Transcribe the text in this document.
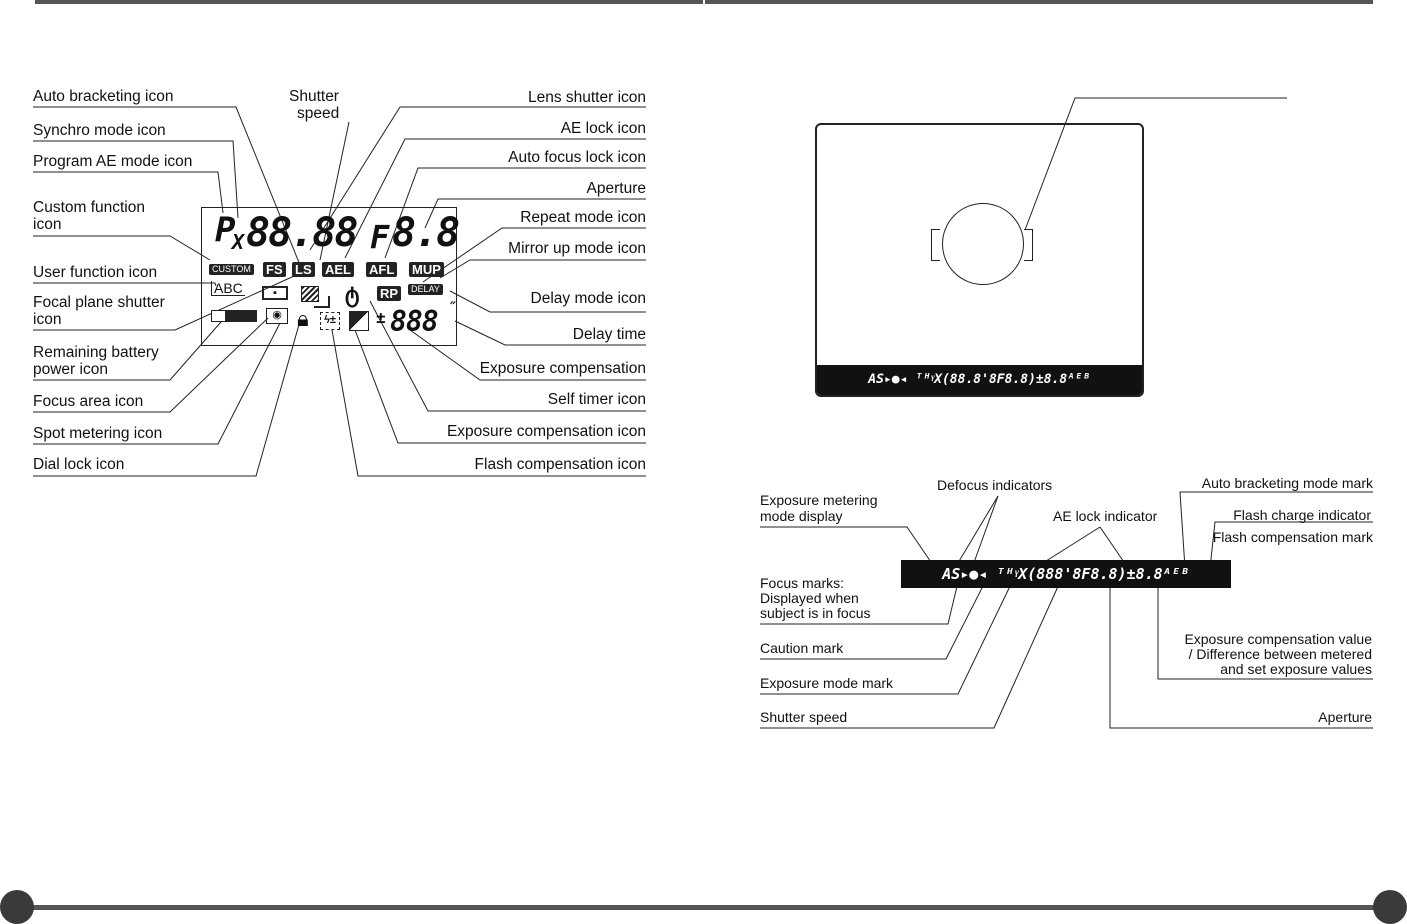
Auto bracketing icon
Synchro mode icon
Program AE mode icon
Custom function
icon
User function icon
Focal plane shutter
icon
Remaining battery
power icon
Focus area icon
Spot metering icon
Dial lock icon
Shutter
speed
Lens shutter icon
AE lock icon
Auto focus lock icon
Aperture
Repeat mode icon
Mirror up mode icon
Delay mode icon
Delay time
Exposure compensation
Self timer icon
Exposure compensation icon
Flash compensation icon
P
X 88.88 F 8.8
CUSTOM FS LS AEL AFL MUP
ABC	▪	ტ RP	DELAY
◉ 🔒︎	ϟ±	± 888 ″
AS▸●◂ ᵀᴴᵞX(88.8'8F8.8)±8.8ᴬᴱᴮ
AS▸●◂ ᵀᴴᵞX(888'8F8.8)±8.8ᴬᴱᴮ
Defocus indicators
AE lock indicator
Auto bracketing mode mark
Flash charge indicator
Flash compensation mark
Exposure metering
mode display
Focus marks:
Displayed when
subject is in focus
Caution mark
Exposure mode mark
Shutter speed
Exposure compensation value
/ Difference between metered
and set exposure values
Aperture
